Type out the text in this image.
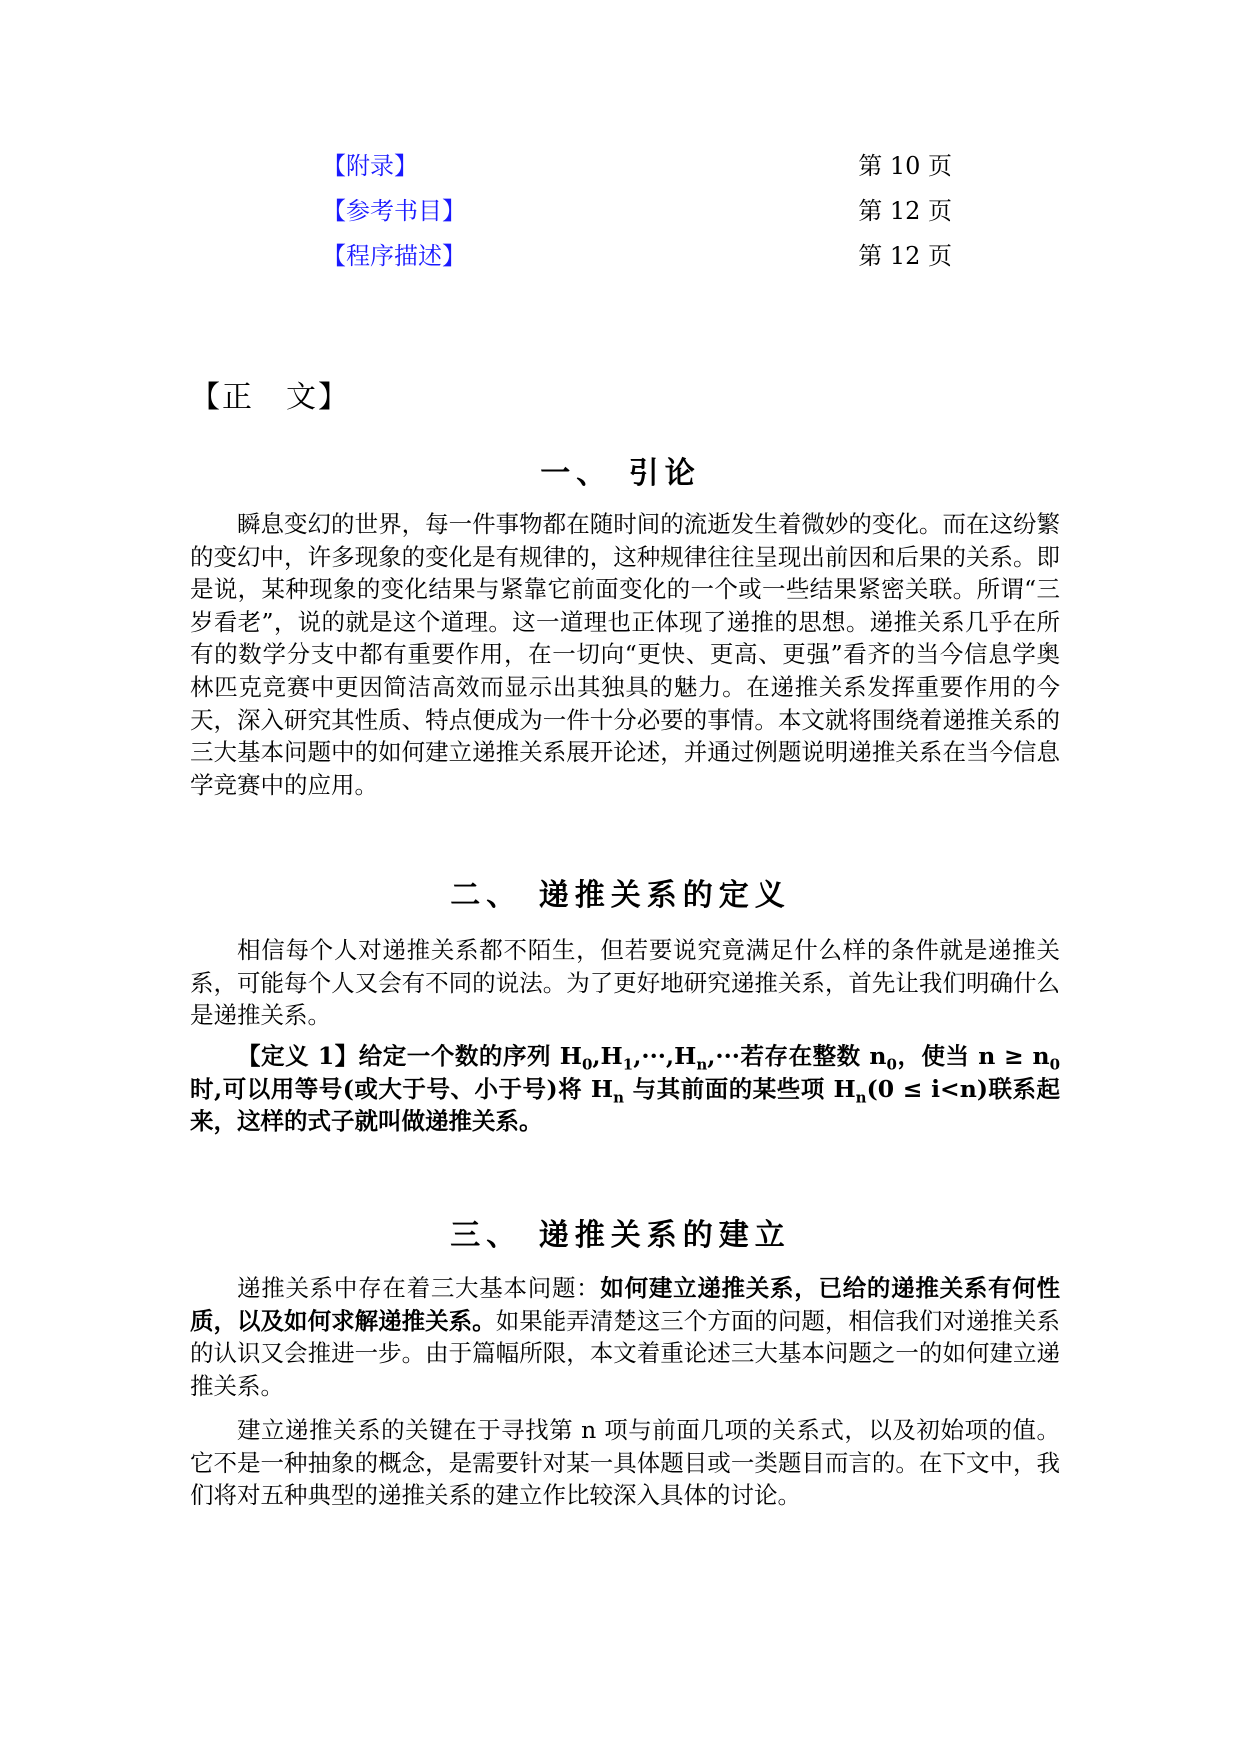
【附录】	第 10 页
【参考书目】	第 12 页
【程序描述】	第 12 页
【正　文】
一、 引论

瞬息变幻的世界，每一件事物都在随时间的流逝发生着微妙的变化。而在这纷繁的变幻中，许多现象的变化是有规律的，这种规律往往呈现出前因和后果的关系。即是说，某种现象的变化结果与紧靠它前面变化的一个或一些结果紧密关联。所谓“三岁看老”，说的就是这个道理。这一道理也正体现了递推的思想。递推关系几乎在所有的数学分支中都有重要作用，在一切向“更快、更高、更强”看齐的当今信息学奥林匹克竞赛中更因简洁高效而显示出其独具的魅力。在递推关系发挥重要作用的今天，深入研究其性质、特点便成为一件十分必要的事情。本文就将围绕着递推关系的三大基本问题中的如何建立递推关系展开论述，并通过例题说明递推关系在当今信息学竞赛中的应用。

二、 递推关系的定义

相信每个人对递推关系都不陌生，但若要说究竟满足什么样的条件就是递推关系，可能每个人又会有不同的说法。为了更好地研究递推关系，首先让我们明确什么是递推关系。

【定义 1】给定一个数的序列 $H_0,H_1,\cdot\cdot\cdot,H_n,\cdot\cdot\cdot$若存在整数 $n_0$，使当 $n \ge n_0$ 时,可以用等号(或大于号、小于号)将 $H_n$ 与其前面的某些项 $H_n(0 \le i<n)$联系起来，这样的式子就叫做递推关系。

三、 递推关系的建立

递推关系中存在着三大基本问题：如何建立递推关系，已给的递推关系有何性质，以及如何求解递推关系。如果能弄清楚这三个方面的问题，相信我们对递推关系的认识又会推进一步。由于篇幅所限，本文着重论述三大基本问题之一的如何建立递推关系。

建立递推关系的关键在于寻找第 n 项与前面几项的关系式，以及初始项的值。它不是一种抽象的概念，是需要针对某一具体题目或一类题目而言的。在下文中，我们将对五种典型的递推关系的建立作比较深入具体的讨论。
